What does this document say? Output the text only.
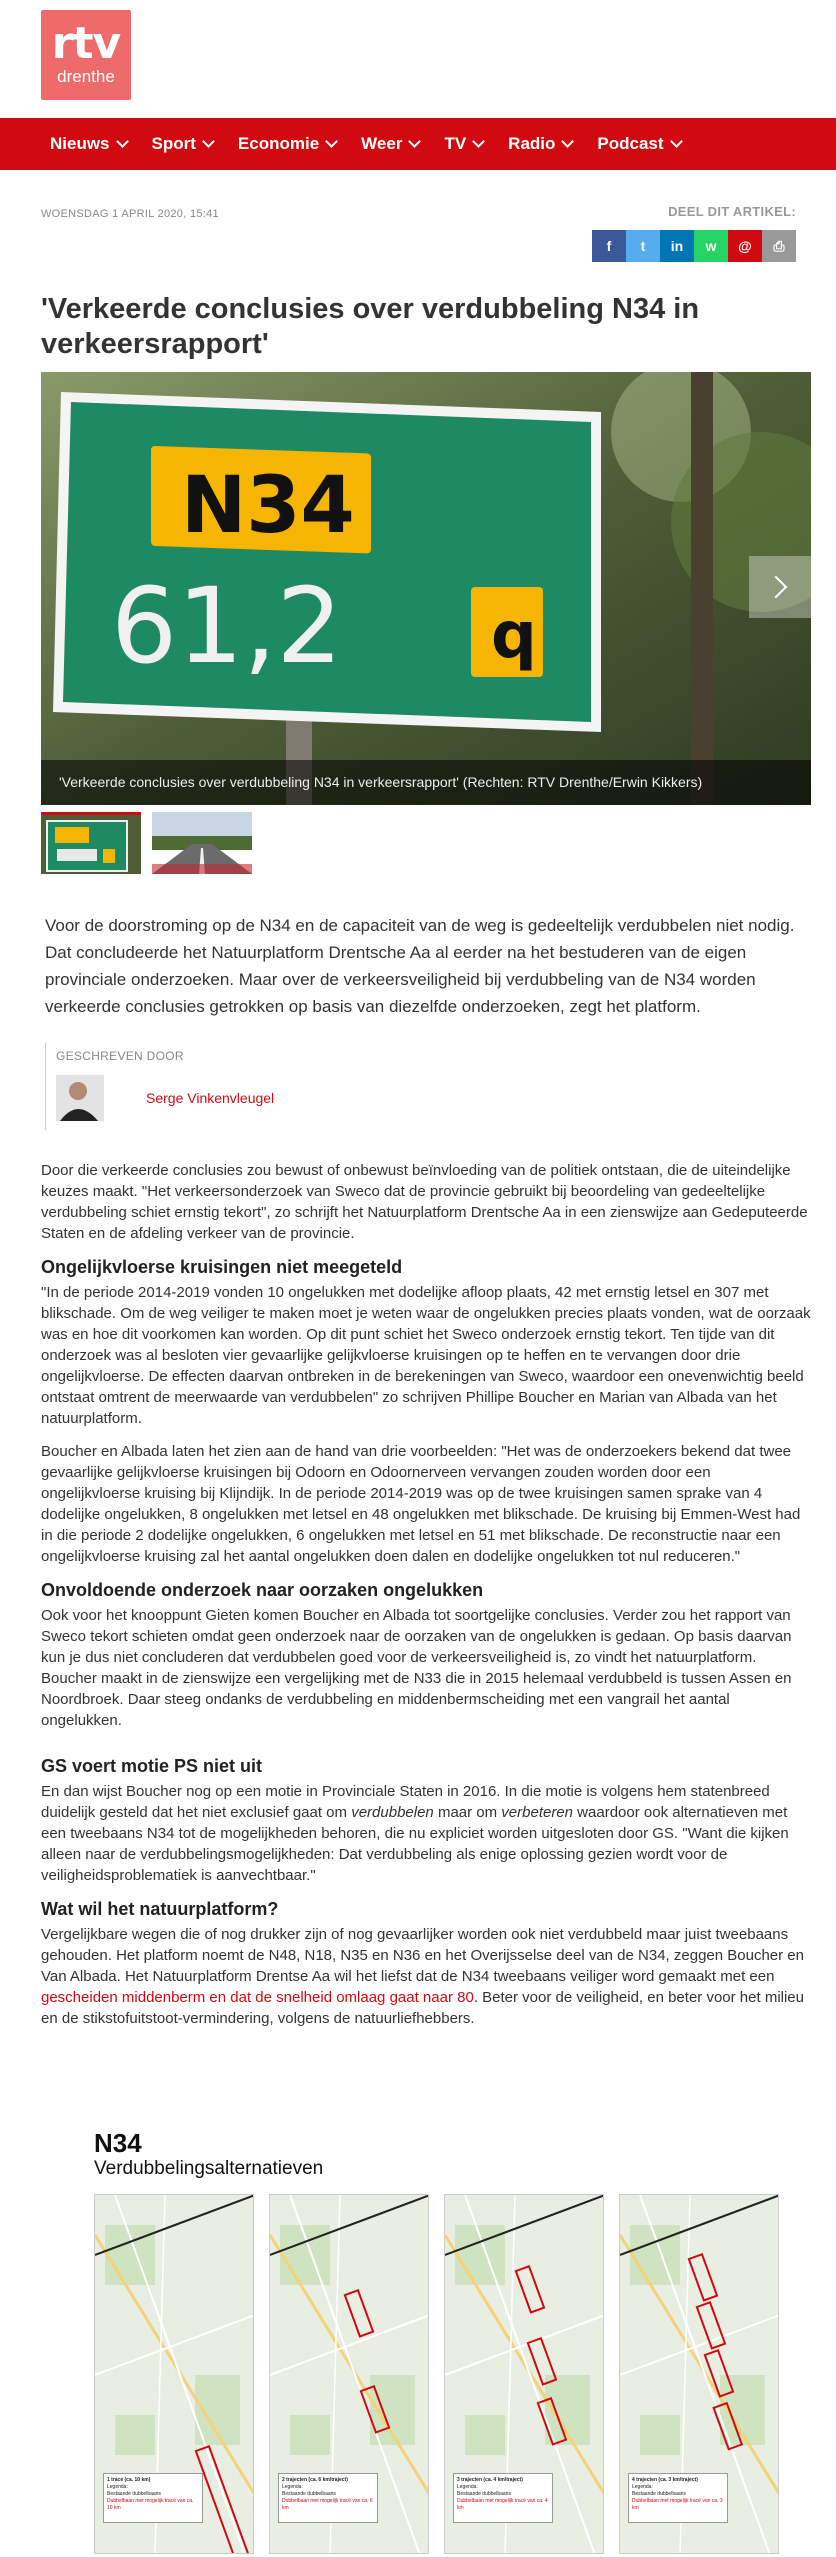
rtv
drenthe
Nieuws Sport Economie Weer TV Radio Podcast
WOENSDAG 1 APRIL 2020, 15:41	DEEL DIT ARTIKEL:
f	t	in	w	@	⎙
'Verkeerde conclusies over verdubbeling N34 in verkeersrapport'
N34
61,2 q
'Verkeerde conclusies over verdubbeling N34 in verkeersrapport' (Rechten: RTV Drenthe/Erwin Kikkers)
Voor de doorstroming op de N34 en de capaciteit van de weg is gedeeltelijk verdubbelen niet nodig. Dat concludeerde het Natuurplatform Drentsche Aa al eerder na het bestuderen van de eigen provinciale onderzoeken. Maar over de verkeersveiligheid bij verdubbeling van de N34 worden verkeerde conclusies getrokken op basis van diezelfde onderzoeken, zegt het platform.
GESCHREVEN DOOR
Serge Vinkenvleugel

Door die verkeerde conclusies zou bewust of onbewust beïnvloeding van de politiek ontstaan, die de uiteindelijke keuzes maakt. "Het verkeersonderzoek van Sweco dat de provincie gebruikt bij beoordeling van gedeeltelijke verdubbeling schiet ernstig tekort", zo schrijft het Natuurplatform Drentsche Aa in een zienswijze aan Gedeputeerde Staten en de afdeling verkeer van de provincie.

Ongelijkvloerse kruisingen niet meegeteld

"In de periode 2014-2019 vonden 10 ongelukken met dodelijke afloop plaats, 42 met ernstig letsel en 307 met blikschade. Om de weg veiliger te maken moet je weten waar de ongelukken precies plaats vonden, wat de oorzaak was en hoe dit voorkomen kan worden. Op dit punt schiet het Sweco onderzoek ernstig tekort. Ten tijde van dit onderzoek was al besloten vier gevaarlijke gelijkvloerse kruisingen op te heffen en te vervangen door drie ongelijkvloerse. De effecten daarvan ontbreken in de berekeningen van Sweco, waardoor een onevenwichtig beeld ontstaat omtrent de meerwaarde van verdubbelen" zo schrijven Phillipe Boucher en Marian van Albada van het natuurplatform.

Boucher en Albada laten het zien aan de hand van drie voorbeelden: "Het was de onderzoekers bekend dat twee gevaarlijke gelijkvloerse kruisingen bij Odoorn en Odoornerveen vervangen zouden worden door een ongelijkvloerse kruising bij Klijndijk. In de periode 2014-2019 was op de twee kruisingen samen sprake van 4 dodelijke ongelukken, 8 ongelukken met letsel en 48 ongelukken met blikschade. De kruising bij Emmen-West had in die periode 2 dodelijke ongelukken, 6 ongelukken met letsel en 51 met blikschade. De reconstructie naar een ongelijkvloerse kruising zal het aantal ongelukken doen dalen en dodelijke ongelukken tot nul reduceren."

Onvoldoende onderzoek naar oorzaken ongelukken

Ook voor het knooppunt Gieten komen Boucher en Albada tot soortgelijke conclusies. Verder zou het rapport van Sweco tekort schieten omdat geen onderzoek naar de oorzaken van de ongelukken is gedaan. Op basis daarvan kun je dus niet concluderen dat verdubbelen goed voor de verkeersveiligheid is, zo vindt het natuurplatform. Boucher maakt in de zienswijze een vergelijking met de N33 die in 2015 helemaal verdubbeld is tussen Assen en Noordbroek. Daar steeg ondanks de verdubbeling en middenbermscheiding met een vangrail het aantal ongelukken.

GS voert motie PS niet uit

En dan wijst Boucher nog op een motie in Provinciale Staten in 2016. In die motie is volgens hem statenbreed duidelijk gesteld dat het niet exclusief gaat om verdubbelen maar om verbeteren waardoor ook alternatieven met een tweebaans N34 tot de mogelijkheden behoren, die nu expliciet worden uitgesloten door GS. "Want die kijken alleen naar de verdubbelingsmogelijkheden: Dat verdubbeling als enige oplossing gezien wordt voor de veiligheidsproblematiek is aanvechtbaar."

Wat wil het natuurplatform?

Vergelijkbare wegen die of nog drukker zijn of nog gevaarlijker worden ook niet verdubbeld maar juist tweebaans gehouden. Het platform noemt de N48, N18, N35 en N36 en het Overijsselse deel van de N34, zeggen Boucher en Van Albada. Het Natuurplatform Drentse Aa wil het liefst dat de N34 tweebaans veiliger word gemaakt met een gescheiden middenberm en dat de snelheid omlaag gaat naar 80. Beter voor de veiligheid, en beter voor het milieu en de stikstofuitstoot-vermindering, volgens de natuurliefhebbers.

N34
Verdubbelingsalternatieven
1 tracé (ca. 10 km)
Legenda:
Bestaande dubbelbaans
Dubbelbaan met mogelijk tracé van ca. 10 km
2 trajecten (ca. 6 km/traject)
Legenda:
Bestaande dubbelbaans
Dubbelbaan met mogelijk tracé van ca. 6 km
3 trajecten (ca. 4 km/traject)
Legenda:
Bestaande dubbelbaans
Dubbelbaan met mogelijk tracé van ca. 4 km
4 trajecten (ca. 3 km/traject)
Legenda:
Bestaande dubbelbaans
Dubbelbaan met mogelijk tracé van ca. 3 km
